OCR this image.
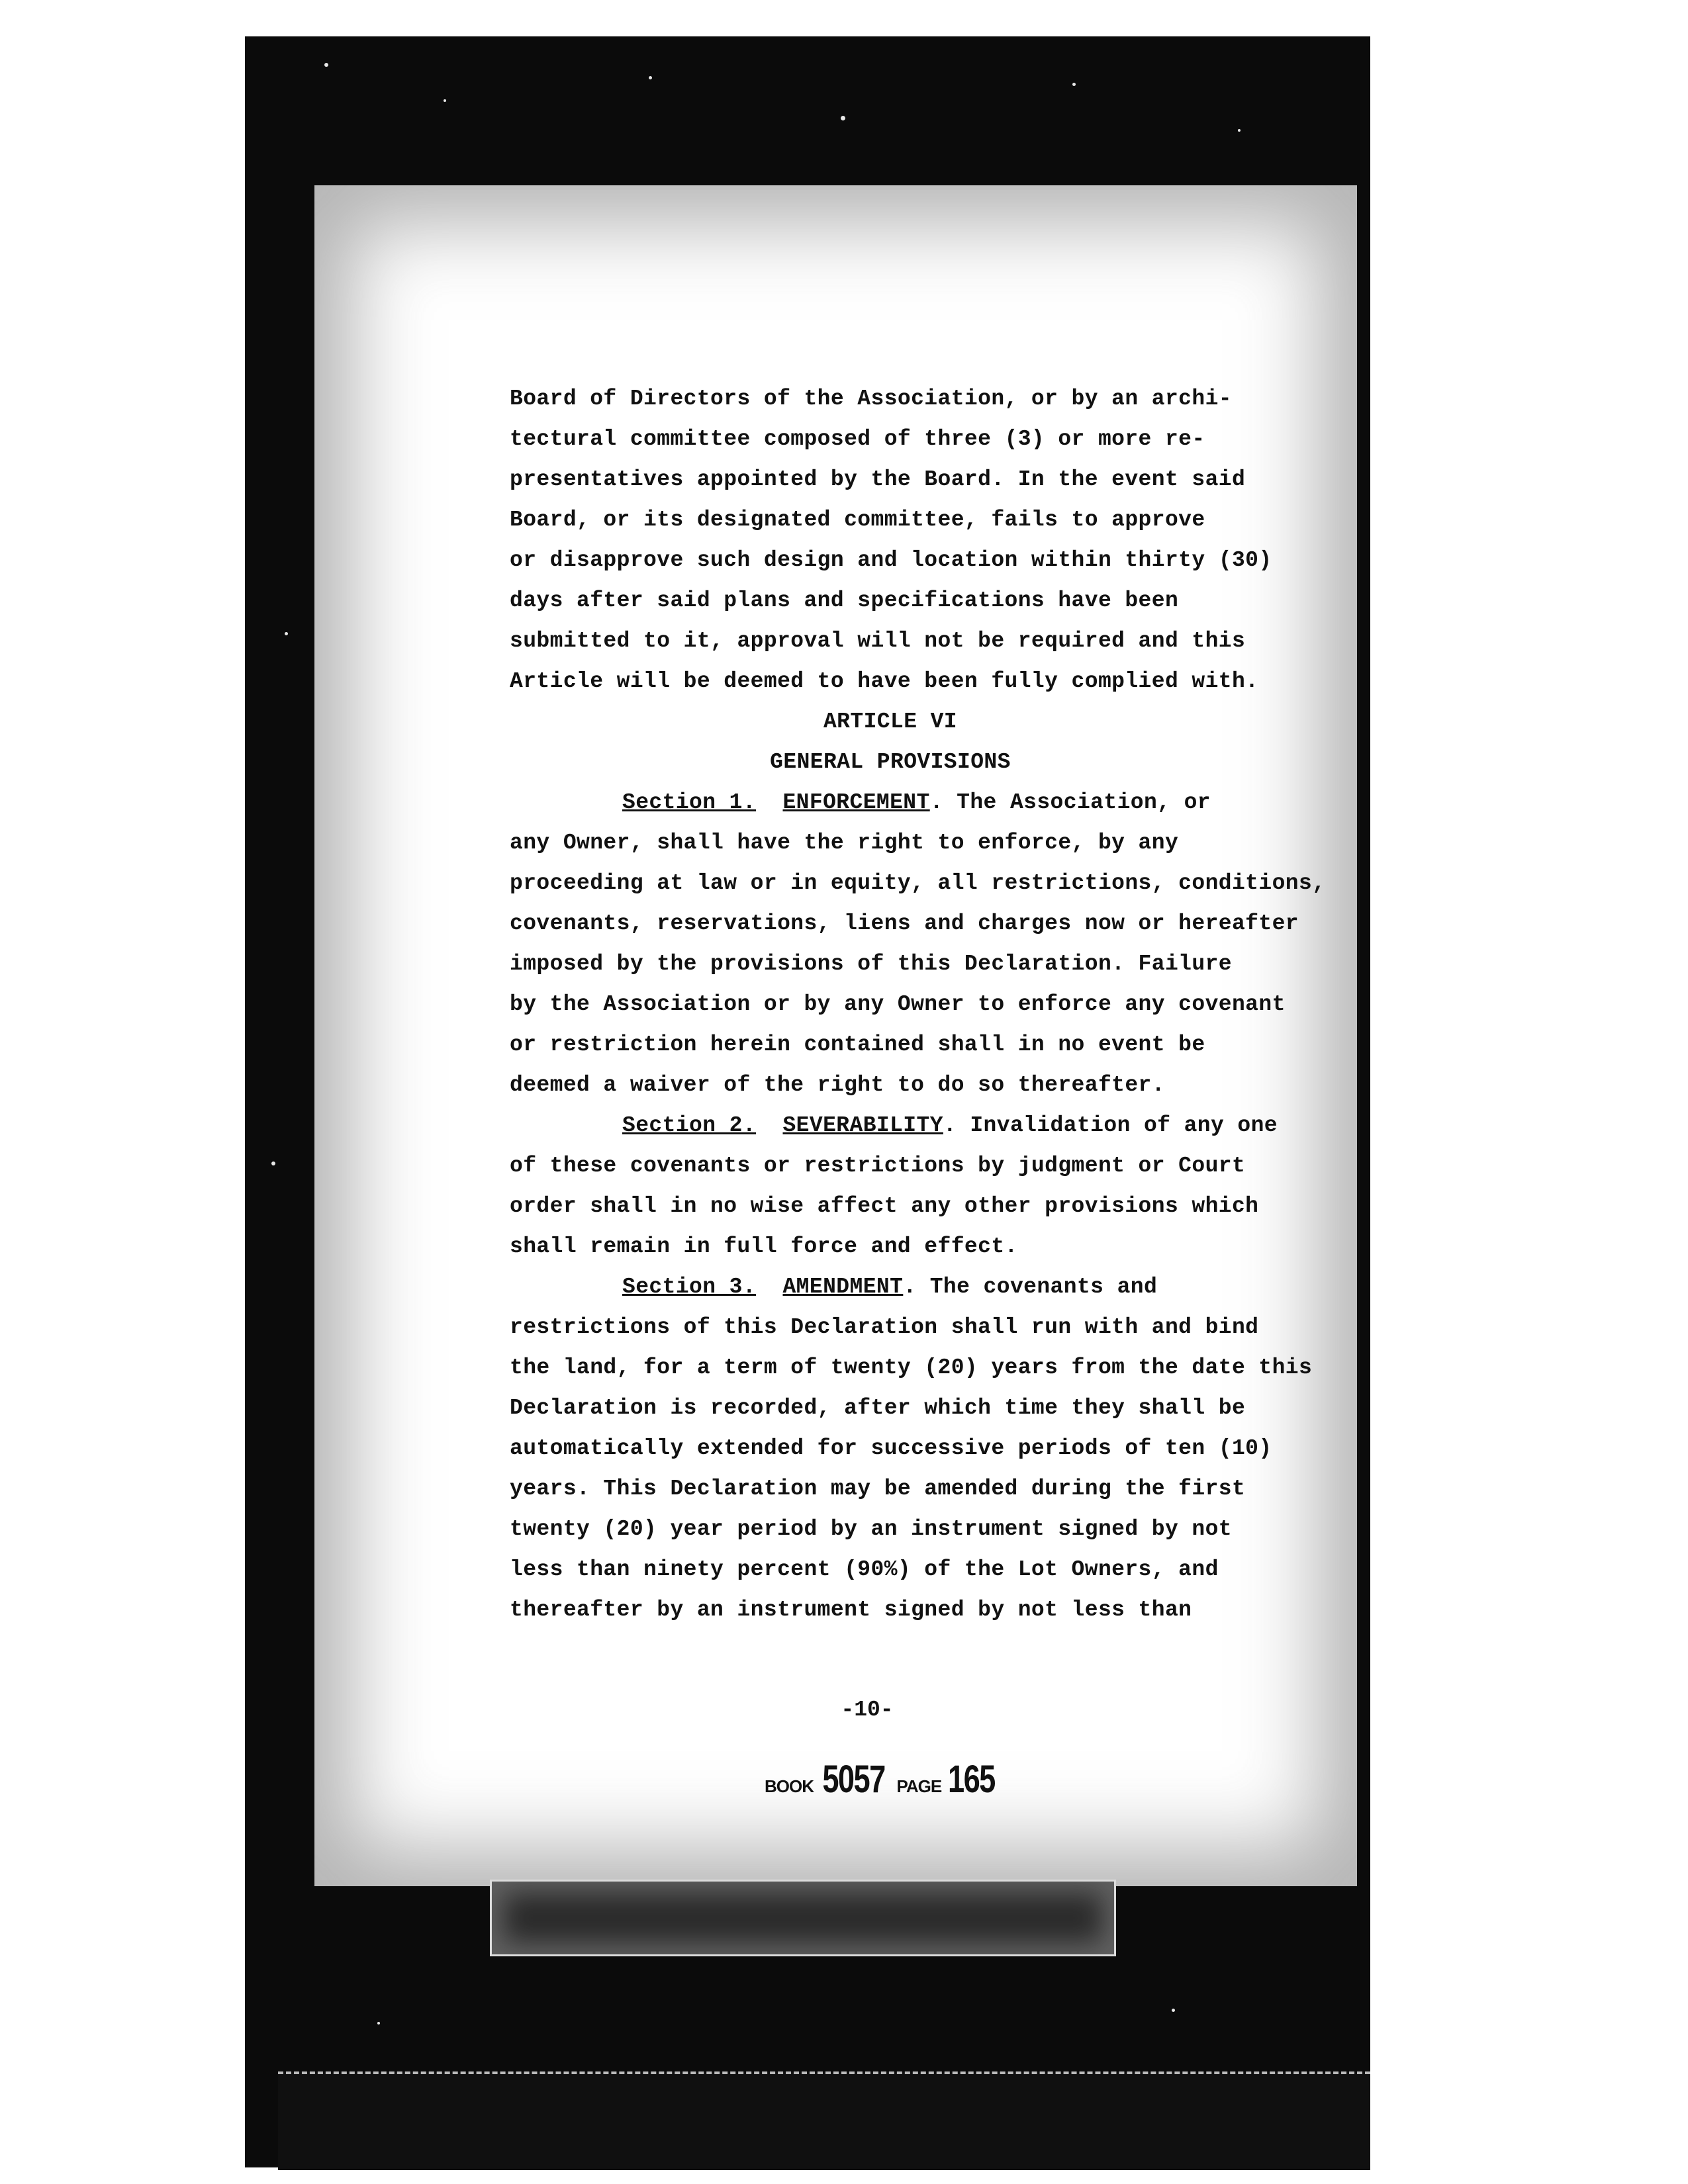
Board of Directors of the Association, or by an archi-
tectural committee composed of three (3) or more re-
presentatives appointed by the Board. In the event said
Board, or its designated committee, fails to approve
or disapprove such design and location within thirty (30)
days after said plans and specifications have been
submitted to it, approval will not be required and this
Article will be deemed to have been fully complied with.
ARTICLE VI
GENERAL PROVISIONS
Section 1. ENFORCEMENT. The Association, or
any Owner, shall have the right to enforce, by any
proceeding at law or in equity, all restrictions, conditions,
covenants, reservations, liens and charges now or hereafter
imposed by the provisions of this Declaration. Failure
by the Association or by any Owner to enforce any covenant
or restriction herein contained shall in no event be
deemed a waiver of the right to do so thereafter.
Section 2. SEVERABILITY. Invalidation of any one
of these covenants or restrictions by judgment or Court
order shall in no wise affect any other provisions which
shall remain in full force and effect.
Section 3. AMENDMENT. The covenants and
restrictions of this Declaration shall run with and bind
the land, for a term of twenty (20) years from the date this
Declaration is recorded, after which time they shall be
automatically extended for successive periods of ten (10)
years. This Declaration may be amended during the first
twenty (20) year period by an instrument signed by not
less than ninety percent (90%) of the Lot Owners, and
thereafter by an instrument signed by not less than
-10-
BOOK 5057 PAGE 165
